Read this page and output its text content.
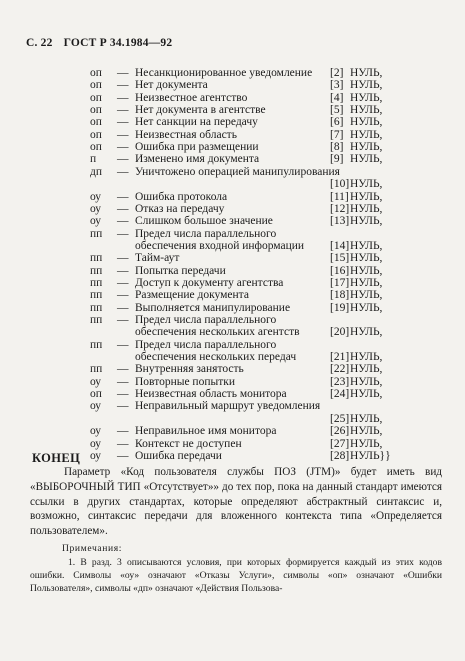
С. 22 ГОСТ Р 34.1984—92
оп — Несанкционированное уведомление [2] НУЛЬ,
оп — Нет документа	[3] НУЛЬ,
оп — Неизвестное агентство	[4] НУЛЬ,
оп — Нет документа в агентстве	[5] НУЛЬ,
оп — Нет санкции на передачу	[6] НУЛЬ,
оп — Неизвестная область	[7] НУЛЬ,
оп — Ошибка при размещении	[8] НУЛЬ,
п — Изменено имя документа	[9] НУЛЬ,
дп — Уничтожено операцией манипулирования
[10] НУЛЬ,
оу — Ошибка протокола	[11] НУЛЬ,
оу — Отказ на передачу	[12] НУЛЬ,
оу — Слишком большое значение	[13] НУЛЬ,
пп — Предел числа параллельного
обеспечения входной информации [14] НУЛЬ,
пп — Тайм-аут	[15] НУЛЬ,
пп — Попытка передачи	[16] НУЛЬ,
пп — Доступ к документу агентства	[17] НУЛЬ,
пп — Размещение документа	[18] НУЛЬ,
пп — Выполняется манипулирование	[19] НУЛЬ,
пп — Предел числа параллельного
обеспечения нескольких агентств	[20] НУЛЬ,
пп — Предел числа параллельного
обеспечения нескольких передач	[21] НУЛЬ,
пп — Внутренняя занятость	[22] НУЛЬ,
оу — Повторные попытки	[23] НУЛЬ,
оп — Неизвестная область монитора	[24] НУЛЬ,
оу — Неправильный маршрут уведомления
[25] НУЛЬ,
оу — Неправильное имя монитора	[26] НУЛЬ,
оу — Контекст не доступен	[27] НУЛЬ,
оу — Ошибка передачи	[28] НУЛЬ}}
КОНЕЦ

Параметр «Код пользователя службы ПОЗ (JTM)» будет иметь вид «ВЫБОРОЧНЫЙ ТИП «Отсутствует»» до тех пор, пока на данный стандарт имеются ссылки в других стандартах, которые определяют абстрактный синтаксис и, возможно, синтаксис передачи для вложенного контекста типа «Определяется пользователем».

Примечания:

1. В разд. 3 описываются условия, при которых формируется каждый из этих кодов ошибки. Символы «оу» означают «Отказы Услуги», символы «оп» означают «Ошибки Пользователя», символы «дп» означают «Действия Пользова-
